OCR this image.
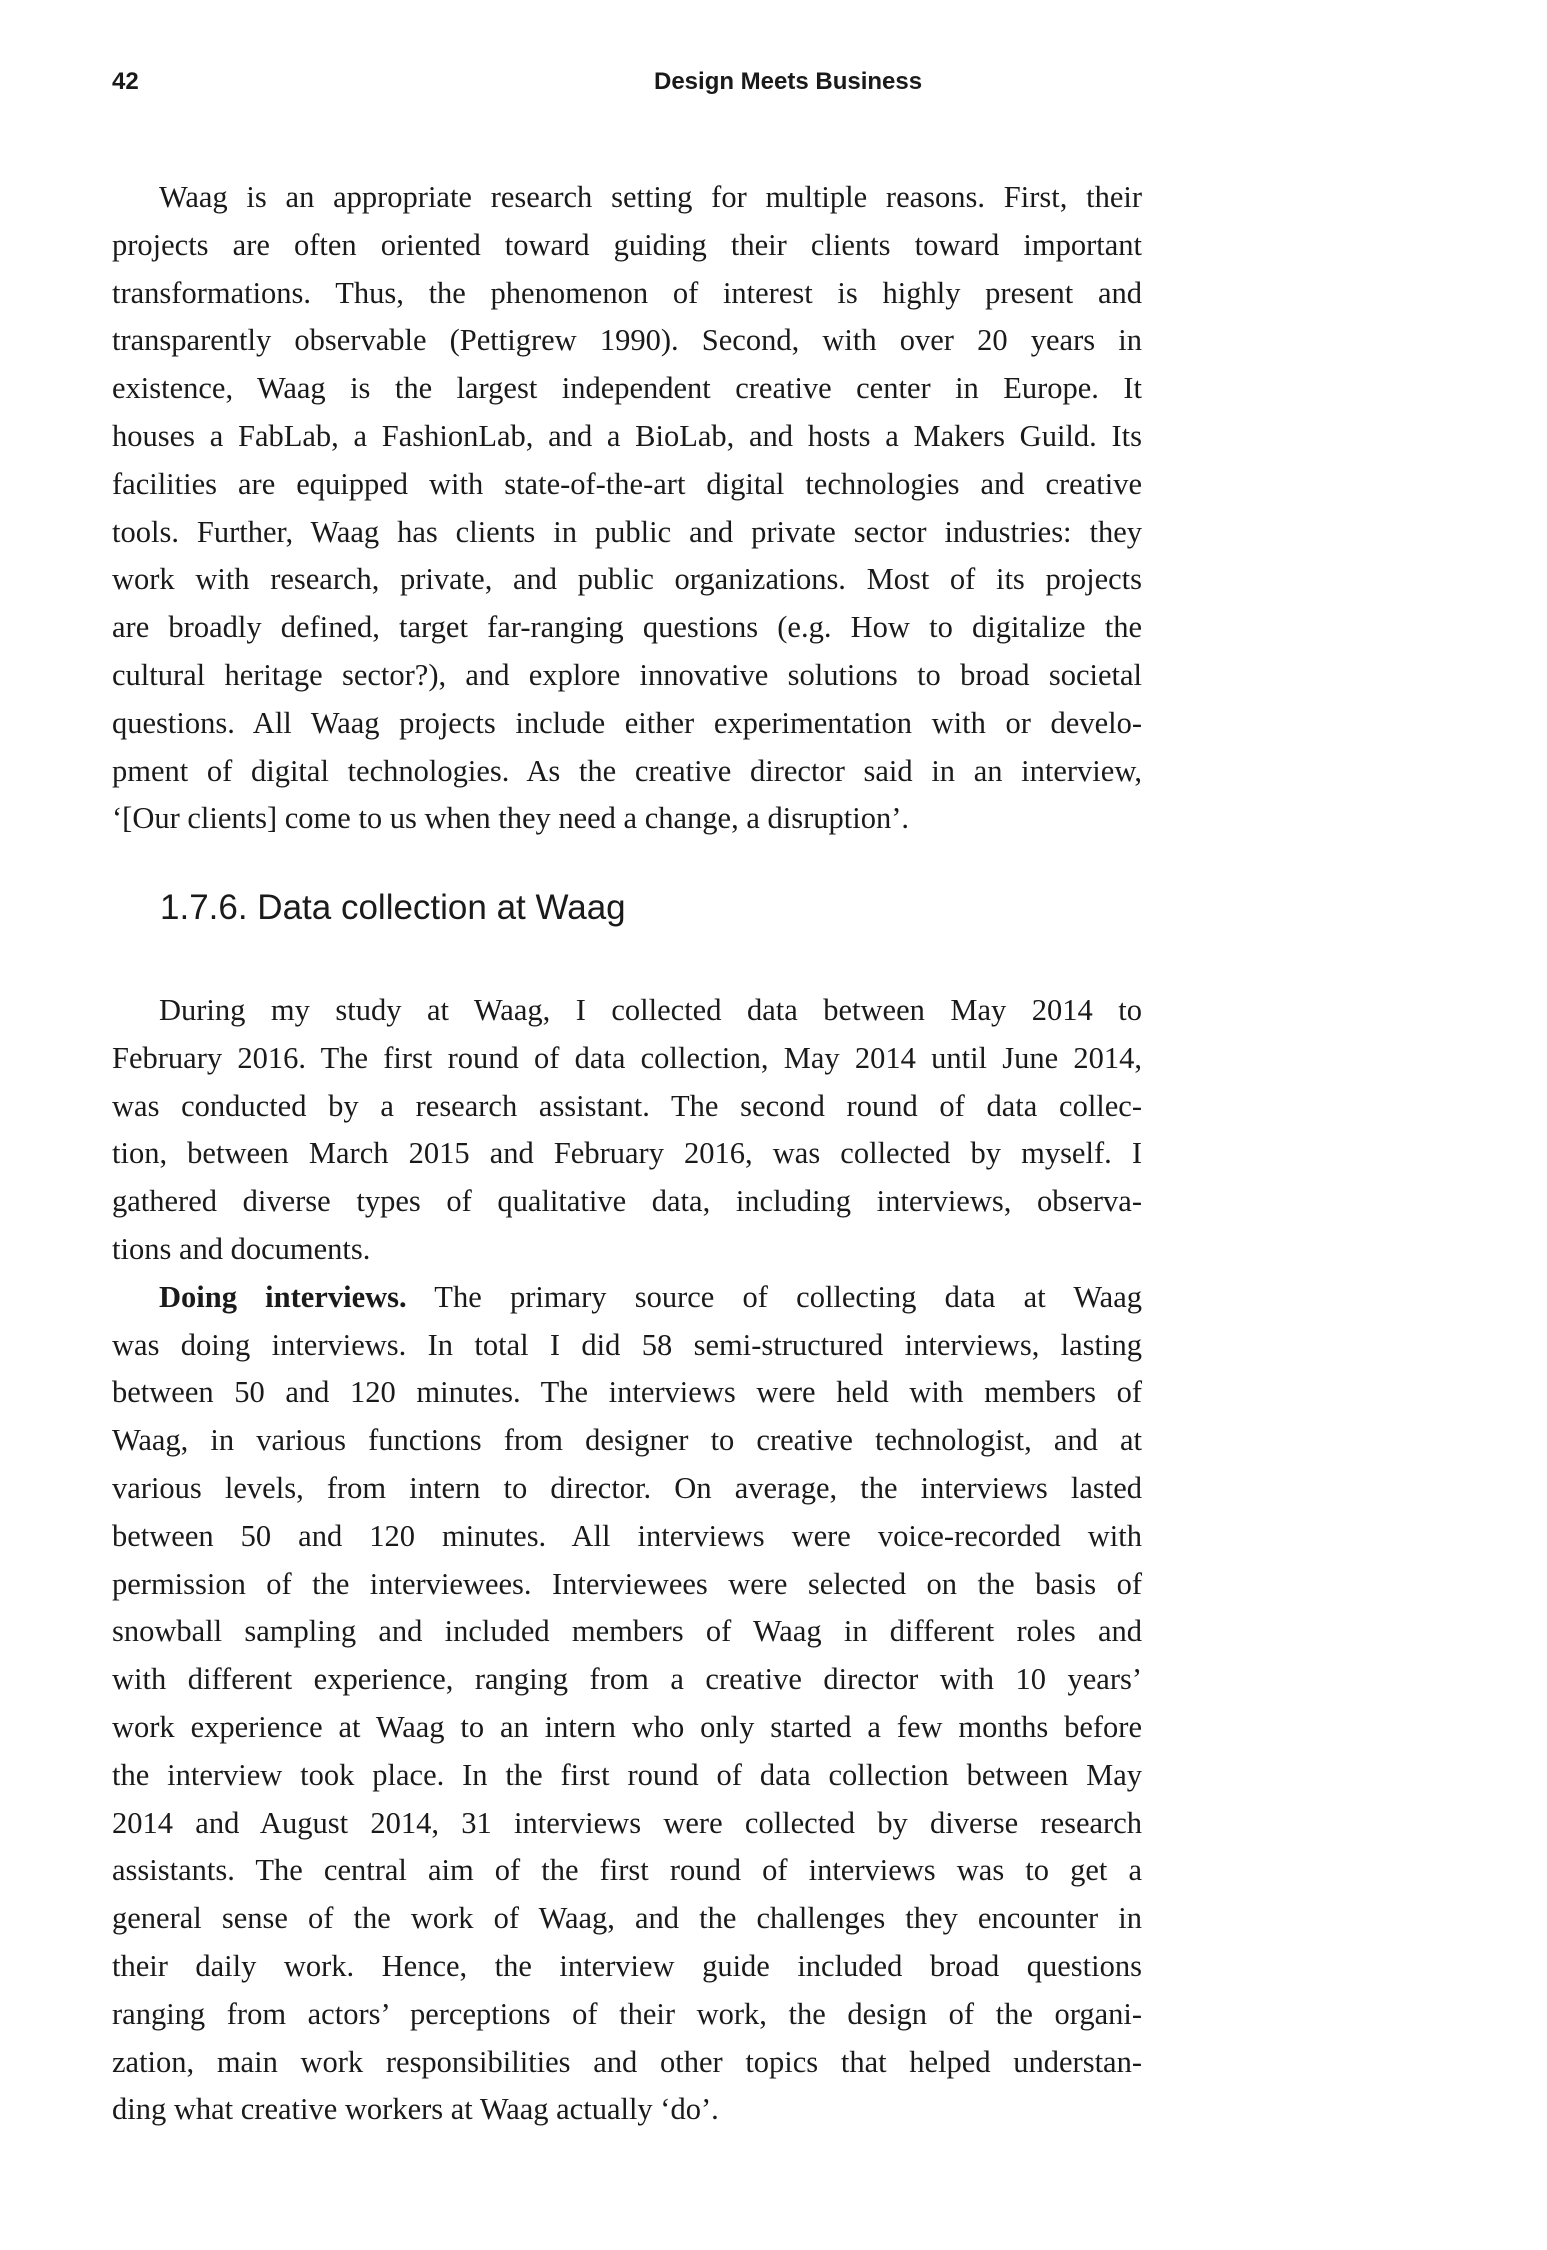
42	Design Meets Business
Waag is an appropriate research setting for multiple reasons. First, their
projects are often oriented toward guiding their clients toward important
transformations. Thus, the phenomenon of interest is highly present and
transparently observable (Pettigrew 1990). Second, with over 20 years in
existence, Waag is the largest independent creative center in Europe. It
houses a FabLab, a FashionLab, and a BioLab, and hosts a Makers Guild. Its
facilities are equipped with state-of-the-art digital technologies and creative
tools. Further, Waag has clients in public and private sector industries: they
work with research, private, and public organizations. Most of its projects
are broadly defined, target far-ranging questions (e.g. How to digitalize the
cultural heritage sector?), and explore innovative solutions to broad societal
questions. All Waag projects include either experimentation with or develo-
pment of digital technologies. As the creative director said in an interview,
‘[Our clients] come to us when they need a change, a disruption’.
1.7.6. Data collection at Waag
During my study at Waag, I collected data between May 2014 to
February 2016. The first round of data collection, May 2014 until June 2014,
was conducted by a research assistant. The second round of data collec-
tion, between March 2015 and February 2016, was collected by myself. I
gathered diverse types of qualitative data, including interviews, observa-
tions and documents.
Doing interviews. The primary source of collecting data at Waag
was doing interviews. In total I did 58 semi-structured interviews, lasting
between 50 and 120 minutes. The interviews were held with members of
Waag, in various functions from designer to creative technologist, and at
various levels, from intern to director. On average, the interviews lasted
between 50 and 120 minutes. All interviews were voice-recorded with
permission of the interviewees. Interviewees were selected on the basis of
snowball sampling and included members of Waag in different roles and
with different experience, ranging from a creative director with 10 years’
work experience at Waag to an intern who only started a few months before
the interview took place. In the first round of data collection between May
2014 and August 2014, 31 interviews were collected by diverse research
assistants. The central aim of the first round of interviews was to get a
general sense of the work of Waag, and the challenges they encounter in
their daily work. Hence, the interview guide included broad questions
ranging from actors’ perceptions of their work, the design of the organi-
zation, main work responsibilities and other topics that helped understan-
ding what creative workers at Waag actually ‘do’.
